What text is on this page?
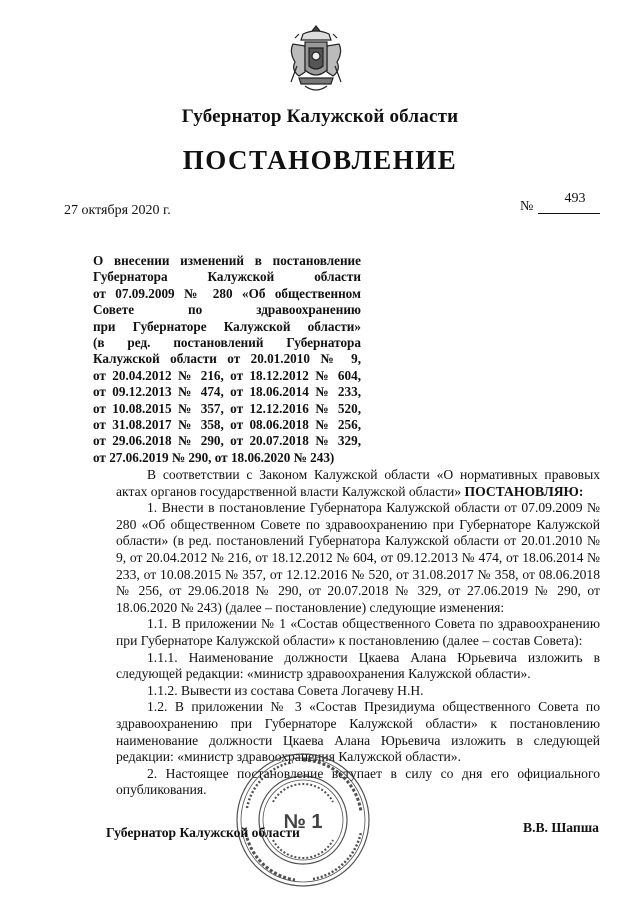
Губернатор Калужской области
ПОСТАНОВЛЕНИЕ
27 октября 2020 г.	№
493
О внесении изменений в постановление
Губернатора Калужской области
от 07.09.2009 № 280 «Об общественном
Совете по здравоохранению
при Губернаторе Калужской области»
(в ред. постановлений Губернатора
Калужской области от 20.01.2010 № 9,
от 20.04.2012 № 216, от 18.12.2012 № 604,
от 09.12.2013 № 474, от 18.06.2014 № 233,
от 10.08.2015 № 357, от 12.12.2016 № 520,
от 31.08.2017 № 358, от 08.06.2018 № 256,
от 29.06.2018 № 290, от 20.07.2018 № 329,
от 27.06.2019 № 290, от 18.06.2020 № 243)

В соответствии с Законом Калужской области «О нормативных правовых актах органов государственной власти Калужской области» ПОСТАНОВЛЯЮ:

1. Внести в постановление Губернатора Калужской области от 07.09.2009 № 280 «Об общественном Совете по здравоохранению при Губернаторе Калужской области» (в ред. постановлений Губернатора Калужской области от 20.01.2010 № 9, от 20.04.2012 № 216, от 18.12.2012 № 604, от 09.12.2013 № 474, от 18.06.2014 № 233, от 10.08.2015 № 357, от 12.12.2016 № 520, от 31.08.2017 № 358, от 08.06.2018 № 256, от 29.06.2018 № 290, от 20.07.2018 № 329, от 27.06.2019 № 290, от 18.06.2020 № 243) (далее – постановление) следующие изменения:

1.1. В приложении № 1 «Состав общественного Совета по здравоохранению при Губернаторе Калужской области» к постановлению (далее – состав Совета):

1.1.1. Наименование должности Цкаева Алана Юрьевича изложить в следующей редакции: «министр здравоохранения Калужской области».

1.1.2. Вывести из состава Совета Логачеву Н.Н.

1.2. В приложении № 3 «Состав Президиума общественного Совета по здравоохранению при Губернаторе Калужской области» к постановлению наименование должности Цкаева Алана Юрьевича изложить в следующей редакции: «министр здравоохранения Калужской области».

2. Настоящее постановление вступает в силу со дня его официального опубликования.

№ 1
Губернатор Калужской области	В.В. Шапша
